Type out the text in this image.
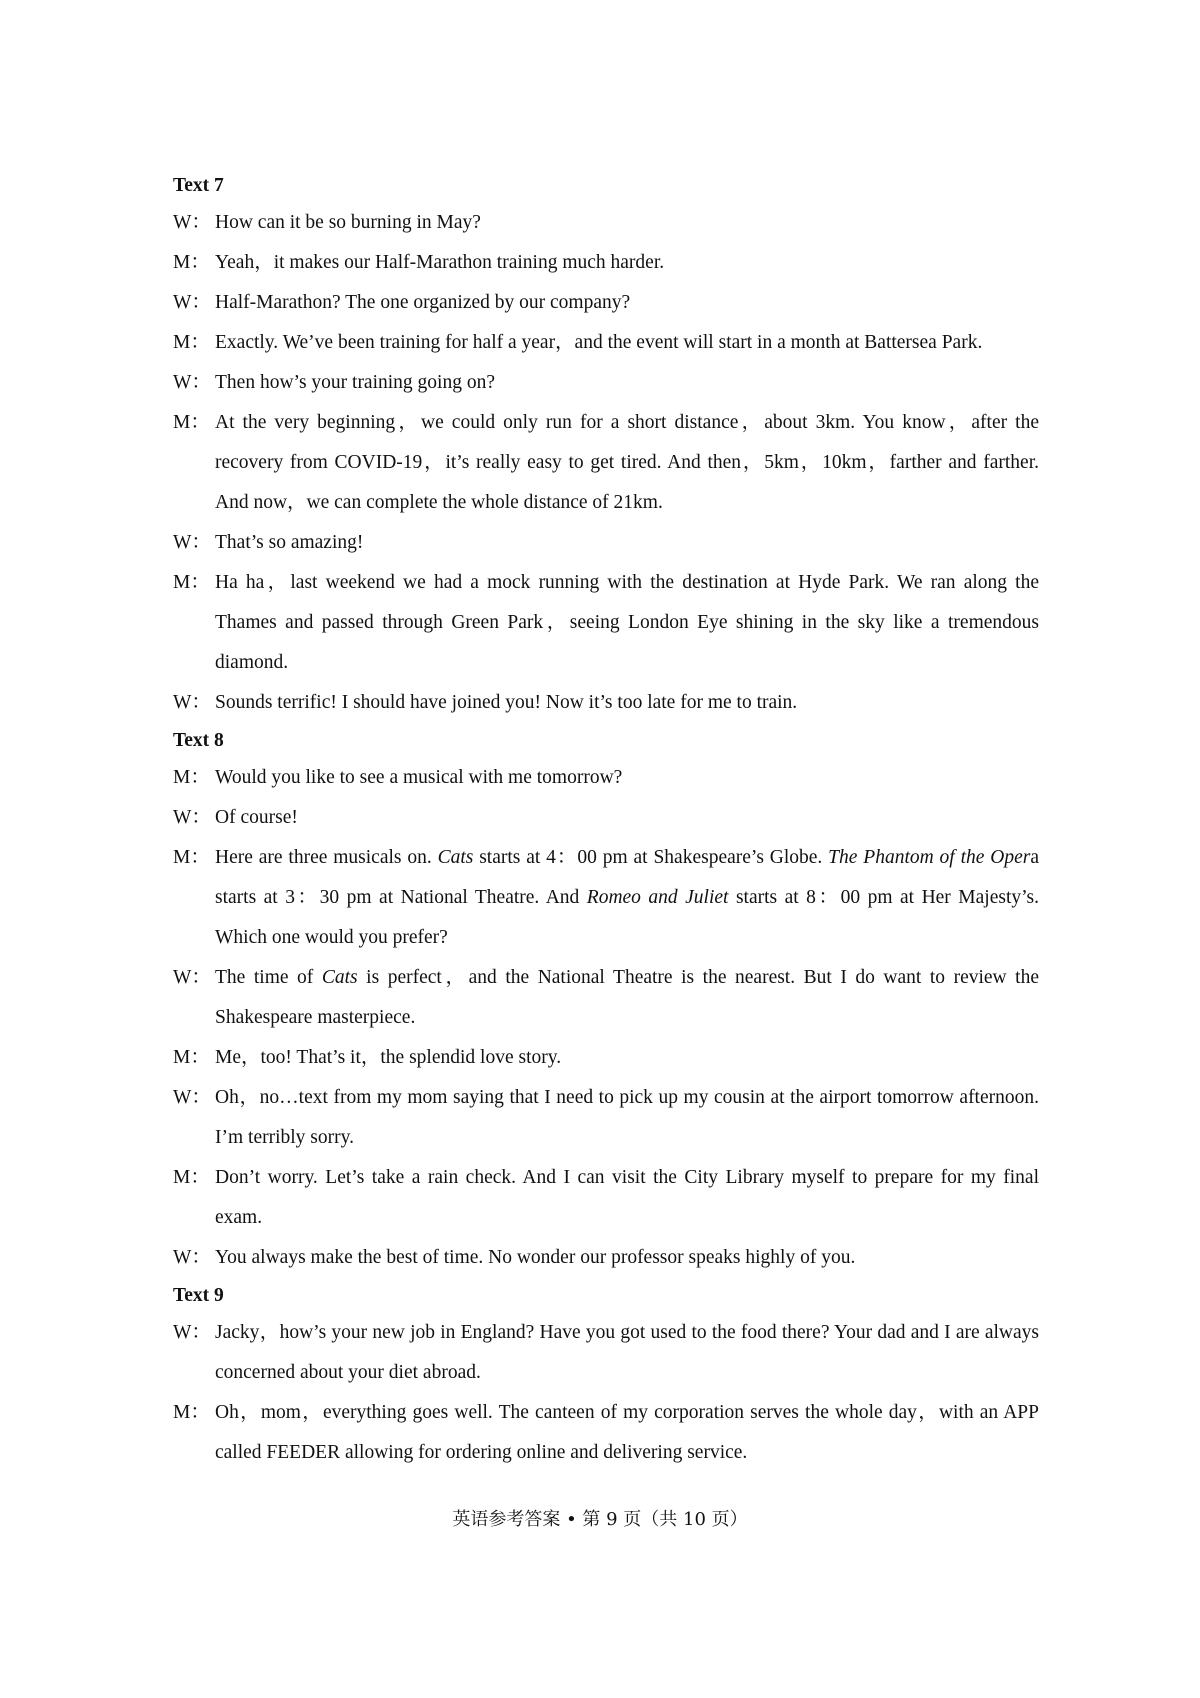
Text 7
W： How can it be so burning in May?
M： Yeah，it makes our Half-Marathon training much harder.
W： Half-Marathon? The one organized by our company?
M： Exactly. We’ve been training for half a year，and the event will start in a month at Battersea Park.
W： Then how’s your training going on?
M： At the very beginning，we could only run for a short distance，about 3km. You know，after the recovery from COVID-19，it’s really easy to get tired. And then，5km，10km，farther and farther. And now，we can complete the whole distance of 21km.
W： That’s so amazing!
M： Ha ha，last weekend we had a mock running with the destination at Hyde Park. We ran along the Thames and passed through Green Park，seeing London Eye shining in the sky like a tremendous diamond.
W： Sounds terrific! I should have joined you! Now it’s too late for me to train.
Text 8
M： Would you like to see a musical with me tomorrow?
W： Of course!
M： Here are three musicals on. Cats starts at 4：00 pm at Shakespeare’s Globe. The Phantom of the Opera starts at 3：30 pm at National Theatre. And Romeo and Juliet starts at 8：00 pm at Her Majesty’s. Which one would you prefer?
W： The time of Cats is perfect，and the National Theatre is the nearest. But I do want to review the Shakespeare masterpiece.
M： Me，too! That’s it，the splendid love story.
W： Oh，no…text from my mom saying that I need to pick up my cousin at the airport tomorrow afternoon. I’m terribly sorry.
M： Don’t worry. Let’s take a rain check. And I can visit the City Library myself to prepare for my final exam.
W： You always make the best of time. No wonder our professor speaks highly of you.
Text 9
W： Jacky，how’s your new job in England? Have you got used to the food there? Your dad and I are always concerned about your diet abroad.
M： Oh，mom，everything goes well. The canteen of my corporation serves the whole day，with an APP called FEEDER allowing for ordering online and delivering service.
英语参考答案 • 第 9 页（共 10 页）
